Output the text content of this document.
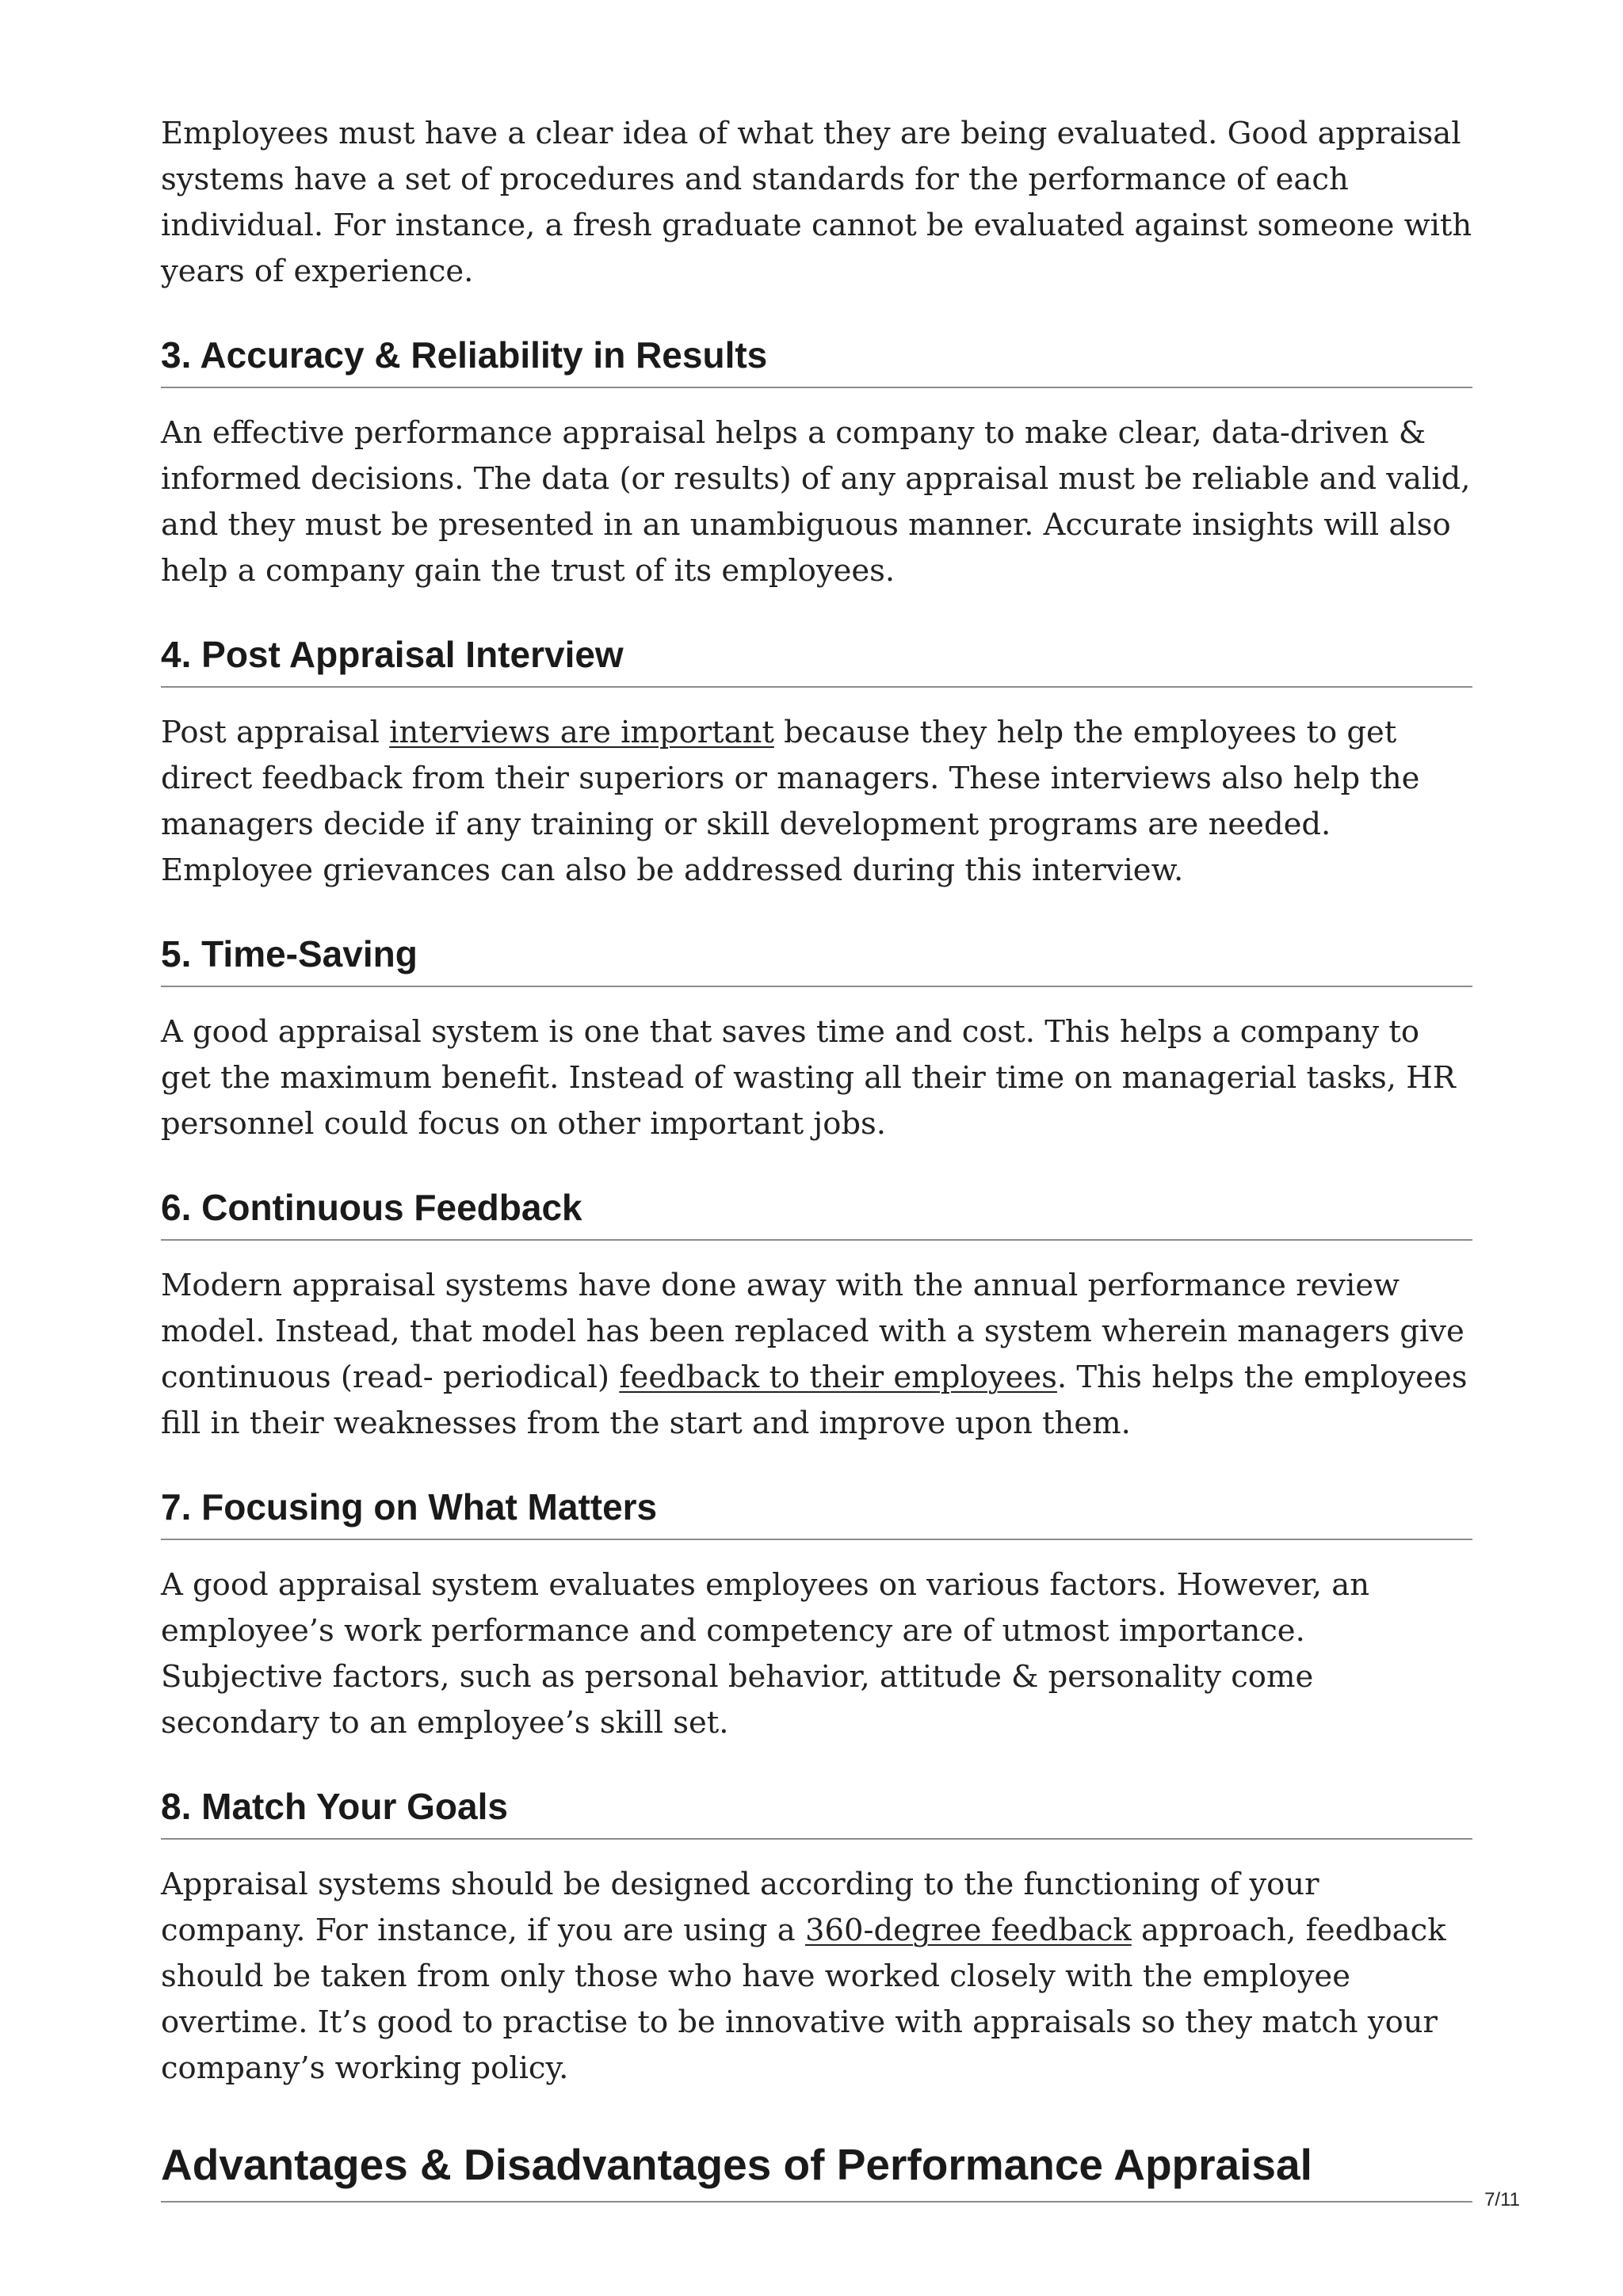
Employees must have a clear idea of what they are being evaluated. Good appraisal systems have a set of procedures and standards for the performance of each individual. For instance, a fresh graduate cannot be evaluated against someone with years of experience.

3. Accuracy & Reliability in Results

An effective performance appraisal helps a company to make clear, data-driven & informed decisions. The data (or results) of any appraisal must be reliable and valid, and they must be presented in an unambiguous manner. Accurate insights will also help a company gain the trust of its employees.

4. Post Appraisal Interview

Post appraisal interviews are important because they help the employees to get direct feedback from their superiors or managers. These interviews also help the managers decide if any training or skill development programs are needed. Employee grievances can also be addressed during this interview.

5. Time-Saving

A good appraisal system is one that saves time and cost. This helps a company to get the maximum benefit. Instead of wasting all their time on managerial tasks, HR personnel could focus on other important jobs.

6. Continuous Feedback

Modern appraisal systems have done away with the annual performance review model. Instead, that model has been replaced with a system wherein managers give continuous (read- periodical) feedback to their employees. This helps the employees fill in their weaknesses from the start and improve upon them.

7. Focusing on What Matters

A good appraisal system evaluates employees on various factors. However, an employee’s work performance and competency are of utmost importance. Subjective factors, such as personal behavior, attitude & personality come secondary to an employee’s skill set.

8. Match Your Goals

Appraisal systems should be designed according to the functioning of your company. For instance, if you are using a 360-degree feedback approach, feedback should be taken from only those who have worked closely with the employee overtime. It’s good to practise to be innovative with appraisals so they match your company’s working policy.

Advantages & Disadvantages of Performance Appraisal
7/11
